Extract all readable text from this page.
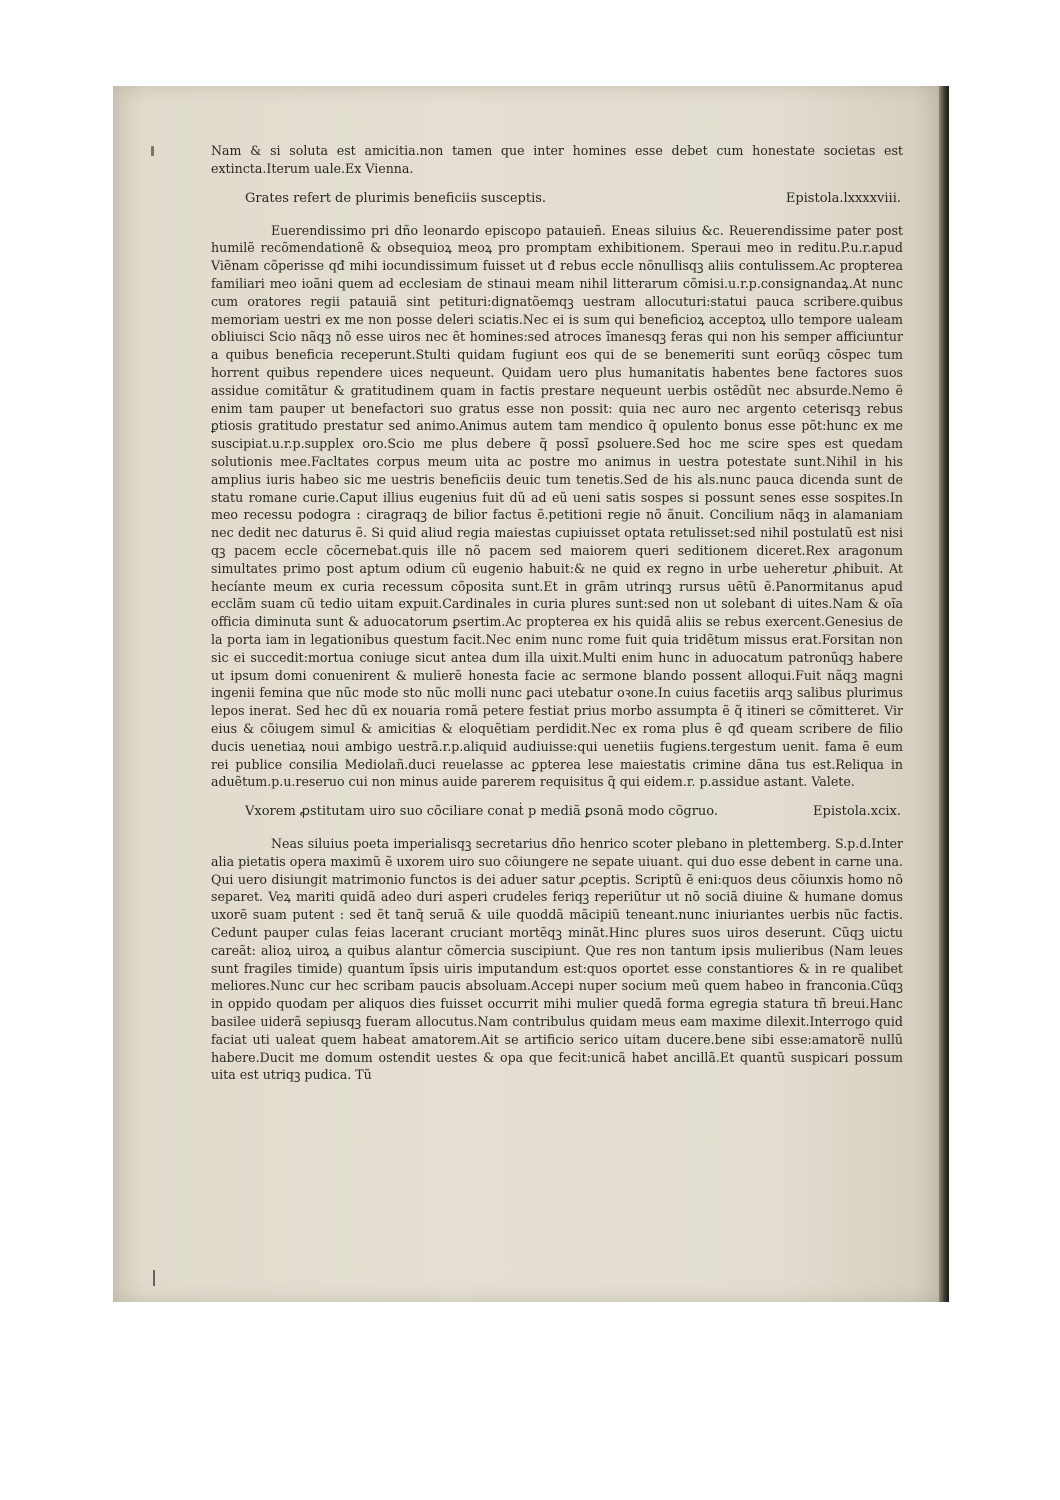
Nam & si soluta est amicitia.non tamen que inter homines esse debet cum honestate societas est extincta.Iterum uale.Ex Vienna.

Grates refert de plurimis beneficiis susceptis.	Epistola.lxxxxviii.

Euerendissimo pri dño leonardo episcopo patauieñ. Eneas siluius &c. Reuerendissime pater post humilẽ recõmendationẽ & obsequioꝝ meoꝝ pro promptam exhibitionem. Speraui meo in reditu.P.u.r.apud Viẽnam cõperisse qđ mihi iocundissimum fuisset ut đ rebus eccle nõnullisqꝫ aliis contulissem.Ac propterea familiari meo ioãni quem ad ecclesiam de stinaui meam nihil litterarum cõmisi.u.r.p.consignandaꝝ.At nunc cum oratores regii patauiã sint petituri:dignatõemqꝫ uestram allocuturi:statui pauca scribere.quibus memoriam uestri ex me non posse deleri sciatis.Nec ei is sum qui beneficioꝝ acceptoꝝ ullo tempore ualeam obliuisci Scio nãqꝫ nõ esse uiros nec ẽt homines:sed atroces ĩmanesqꝫ feras qui non his semper afficiuntur a quibus beneficia receperunt.Stulti quidam fugiunt eos qui de se benemeriti sunt eorũqꝫ cõspec tum horrent quibus rependere uices nequeunt. Quidam uero plus humanitatis habentes bene factores suos assidue comitãtur & gratitudinem quam in factis prestare nequeunt uerbis ostẽdũt nec absurde.Nemo ẽ enim tam pauper ut benefactori suo gratus esse non possit: quia nec auro nec argento ceterisqꝫ rebus ꝑtiosis gratitudo prestatur sed animo.Animus autem tam mendico q̃ opulento bonus esse põt:hunc ex me suscipiat.u.r.p.supplex oro.Scio me plus debere q̃ possĩ ꝑsoluere.Sed hoc me scire spes est quedam solutionis mee.Facltates corpus meum uita ac postre mo animus in uestra potestate sunt.Nihil in his amplius iuris habeo sic me uestris beneficiis deuic tum tenetis.Sed de his als.nunc pauca dicenda sunt de statu romane curie.Caput illius eugenius fuit dũ ad eũ ueni satis sospes si possunt senes esse sospites.In meo recessu podogra : ciragraqꝫ de bilior factus ẽ.petitioni regie nõ ãnuit. Concilium nãqꝫ in alamaniam nec dedit nec daturus ẽ. Si quid aliud regia maiestas cupiuisset optata retulisset:sed nihil postulatũ est nisi qꝫ pacem eccle cõcernebat.quis ille nõ pacem sed maiorem queri seditionem diceret.Rex aragonum simultates primo post aptum odium cũ eugenio habuit:& ne quid ex regno in urbe ueheretur ꝓhibuit. At hecíante meum ex curia recessum cõposita sunt.Et in grãm utrinqꝫ rursus uẽtũ ẽ.Panormitanus apud ecclãm suam cũ tedio uitam expuit.Cardinales in curia plures sunt:sed non ut solebant di uites.Nam & oĩa officia diminuta sunt & aduocatorum ꝑsertim.Ac propterea ex his quidã aliis se rebus exercent.Genesius de la porta iam in legationibus questum facit.Nec enim nunc rome fuit quia tridẽtum missus erat.Forsitan non sic ei succedit:mortua coniuge sicut antea dum illa uixit.Multi enim hunc in aduocatum patronũqꝫ habere ut ipsum domi conuenirent & mulierẽ honesta facie ac sermone blando possent alloqui.Fuit nãqꝫ magni ingenii femina que nũc mode sto nũc molli nunc ꝑaci utebatur oꝛone.In cuius facetiis arqꝫ salibus plurimus lepos inerat. Sed hec dũ ex nouaria romã petere festiat prius morbo assumpta ẽ q̃ itineri se cõmitteret. Vir eius & cõiugem simul & amicitias & eloquẽtiam perdidit.Nec ex roma plus ẽ qđ queam scribere de filio ducis uenetiaꝝ noui ambigo uestrã.r.p.aliquid audiuisse:qui uenetiis fugiens.tergestum uenit. fama ẽ eum rei publice consilia Mediolañ.duci reuelasse ac ꝑpterea lese maiestatis crimine dãna tus est.Reliqua in aduẽtum.p.u.reseruo cui non minus auide parerem requisitus q̃ qui eidem.r. p.assidue astant. Valete.

Vxorem ꝓstitutam uiro suo cõciliare conaṫ p mediã ꝑsonã modo cõgruo.	Epistola.xcix.

Neas siluius poeta imperialisqꝫ secretarius dño henrico scoter plebano in plettemberg. S.p.d.Inter alia pietatis opera maximũ ẽ uxorem uiro suo cõiungere ne sepate uiuant. qui duo esse debent in carne una. Qui uero disiungit matrimonio functos is dei aduer satur ꝓceptis. Scriptũ ẽ eni:quos deus cõiunxis homo nõ separet. Veꝝ mariti quidã adeo duri asperi crudeles feriqꝫ reperiũtur ut nõ sociã diuine & humane domus uxorẽ suam putent : sed ẽt tanq̃ seruã & uile quoddã mãcipiũ teneant.nunc iniuriantes uerbis nũc factis. Cedunt pauper culas feias lacerant cruciant mortẽqꝫ minãt.Hinc plures suos uiros deserunt. Cũqꝫ uictu careãt: alioꝝ uiroꝝ a quibus alantur cõmercia suscipiunt. Que res non tantum ipsis mulieribus (Nam leues sunt fragiles timide) quantum ĩpsis uiris imputandum est:quos oportet esse constantiores & in re qualibet meliores.Nunc cur hec scribam paucis absoluam.Accepi nuper socium meũ quem habeo in franconia.Cũqꝫ in oppido quodam per aliquos dies fuisset occurrit mihi mulier quedã forma egregia statura tñ breui.Hanc basilee uiderã sepiusqꝫ fueram allocutus.Nam contribulus quidam meus eam maxime dilexit.Interrogo quid faciat uti ualeat quem habeat amatorem.Ait se artificio serico uitam ducere.bene sibi esse:amatorẽ nullũ habere.Ducit me domum ostendit uestes & opa que fecit:unicã habet ancillã.Et quantũ suspicari possum uita est utriqꝫ pudica. Tũ
